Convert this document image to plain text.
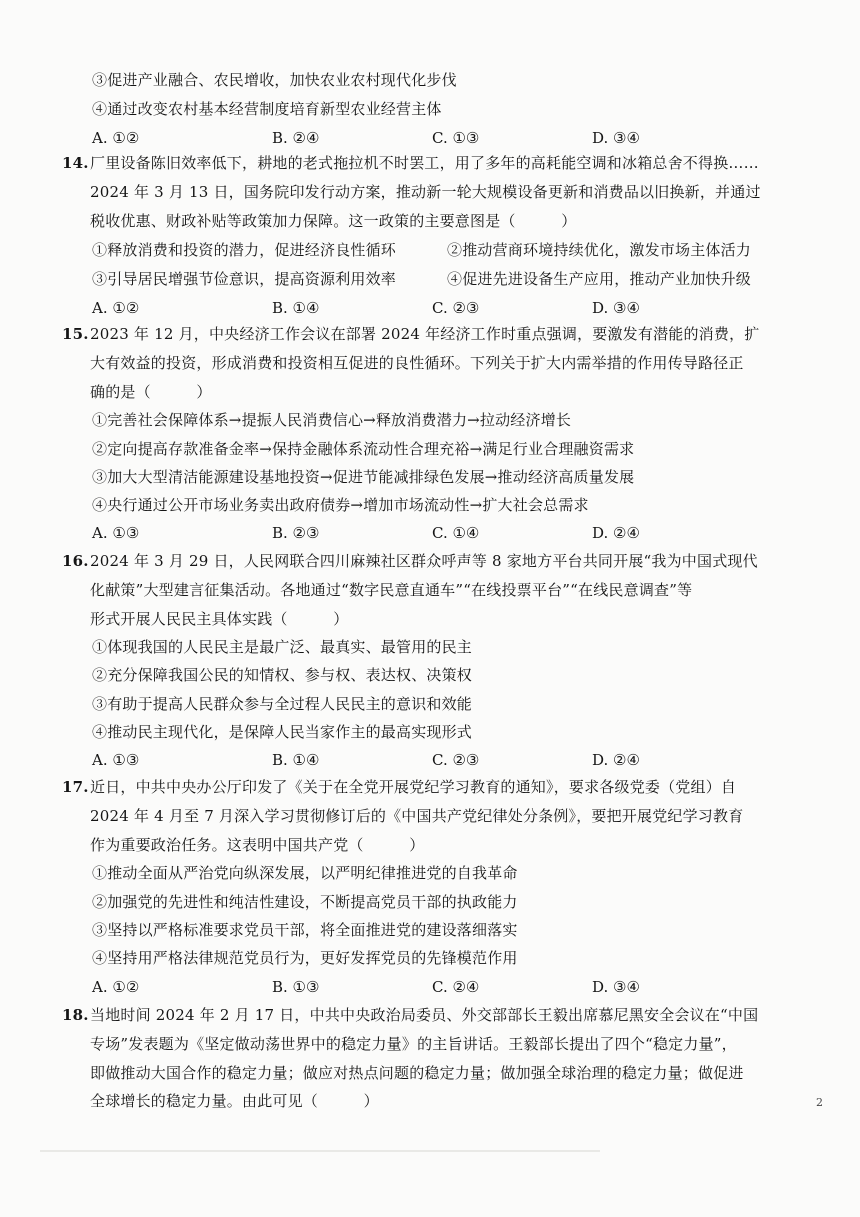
③促进产业融合、农民增收，加快农业农村现代化步伐
④通过改变农村基本经营制度培育新型农业经营主体
A. ①②	B. ②④	C. ①③	D. ③④
14. 厂里设备陈旧效率低下，耕地的老式拖拉机不时罢工，用了多年的高耗能空调和冰箱总舍不得换……
2024 年 3 月 13 日，国务院印发行动方案，推动新一轮大规模设备更新和消费品以旧换新，并通过
税收优惠、财政补贴等政策加力保障。这一政策的主要意图是（　　　）
①释放消费和投资的潜力，促进经济良性循环	②推动营商环境持续优化，激发市场主体活力
③引导居民增强节俭意识，提高资源利用效率	④促进先进设备生产应用，推动产业加快升级
A. ①②	B. ①④	C. ②③	D. ③④
15. 2023 年 12 月，中央经济工作会议在部署 2024 年经济工作时重点强调，要激发有潜能的消费，扩
大有效益的投资，形成消费和投资相互促进的良性循环。下列关于扩大内需举措的作用传导路径正
确的是（　　　）
①完善社会保障体系→提振人民消费信心→释放消费潜力→拉动经济增长
②定向提高存款准备金率→保持金融体系流动性合理充裕→满足行业合理融资需求
③加大大型清洁能源建设基地投资→促进节能减排绿色发展→推动经济高质量发展
④央行通过公开市场业务卖出政府债券→增加市场流动性→扩大社会总需求
A. ①③	B. ②③	C. ①④	D. ②④
16. 2024 年 3 月 29 日，人民网联合四川麻辣社区群众呼声等 8 家地方平台共同开展“我为中国式现代
化献策”大型建言征集活动。各地通过“数字民意直通车”“在线投票平台”“在线民意调查”等
形式开展人民民主具体实践（　　　）
①体现我国的人民民主是最广泛、最真实、最管用的民主
②充分保障我国公民的知情权、参与权、表达权、决策权
③有助于提高人民群众参与全过程人民民主的意识和效能
④推动民主现代化，是保障人民当家作主的最高实现形式
A. ①③	B. ①④	C. ②③	D. ②④
17. 近日，中共中央办公厅印发了《关于在全党开展党纪学习教育的通知》，要求各级党委（党组）自
2024 年 4 月至 7 月深入学习贯彻修订后的《中国共产党纪律处分条例》，要把开展党纪学习教育
作为重要政治任务。这表明中国共产党（　　　）
①推动全面从严治党向纵深发展，以严明纪律推进党的自我革命
②加强党的先进性和纯洁性建设，不断提高党员干部的执政能力
③坚持以严格标准要求党员干部，将全面推进党的建设落细落实
④坚持用严格法律规范党员行为，更好发挥党员的先锋模范作用
A. ①②	B. ①③	C. ②④	D. ③④
18. 当地时间 2024 年 2 月 17 日，中共中央政治局委员、外交部部长王毅出席慕尼黑安全会议在“中国
专场”发表题为《坚定做动荡世界中的稳定力量》的主旨讲话。王毅部长提出了四个“稳定力量”，
即做推动大国合作的稳定力量；做应对热点问题的稳定力量；做加强全球治理的稳定力量；做促进
全球增长的稳定力量。由此可见（　　　）	2
